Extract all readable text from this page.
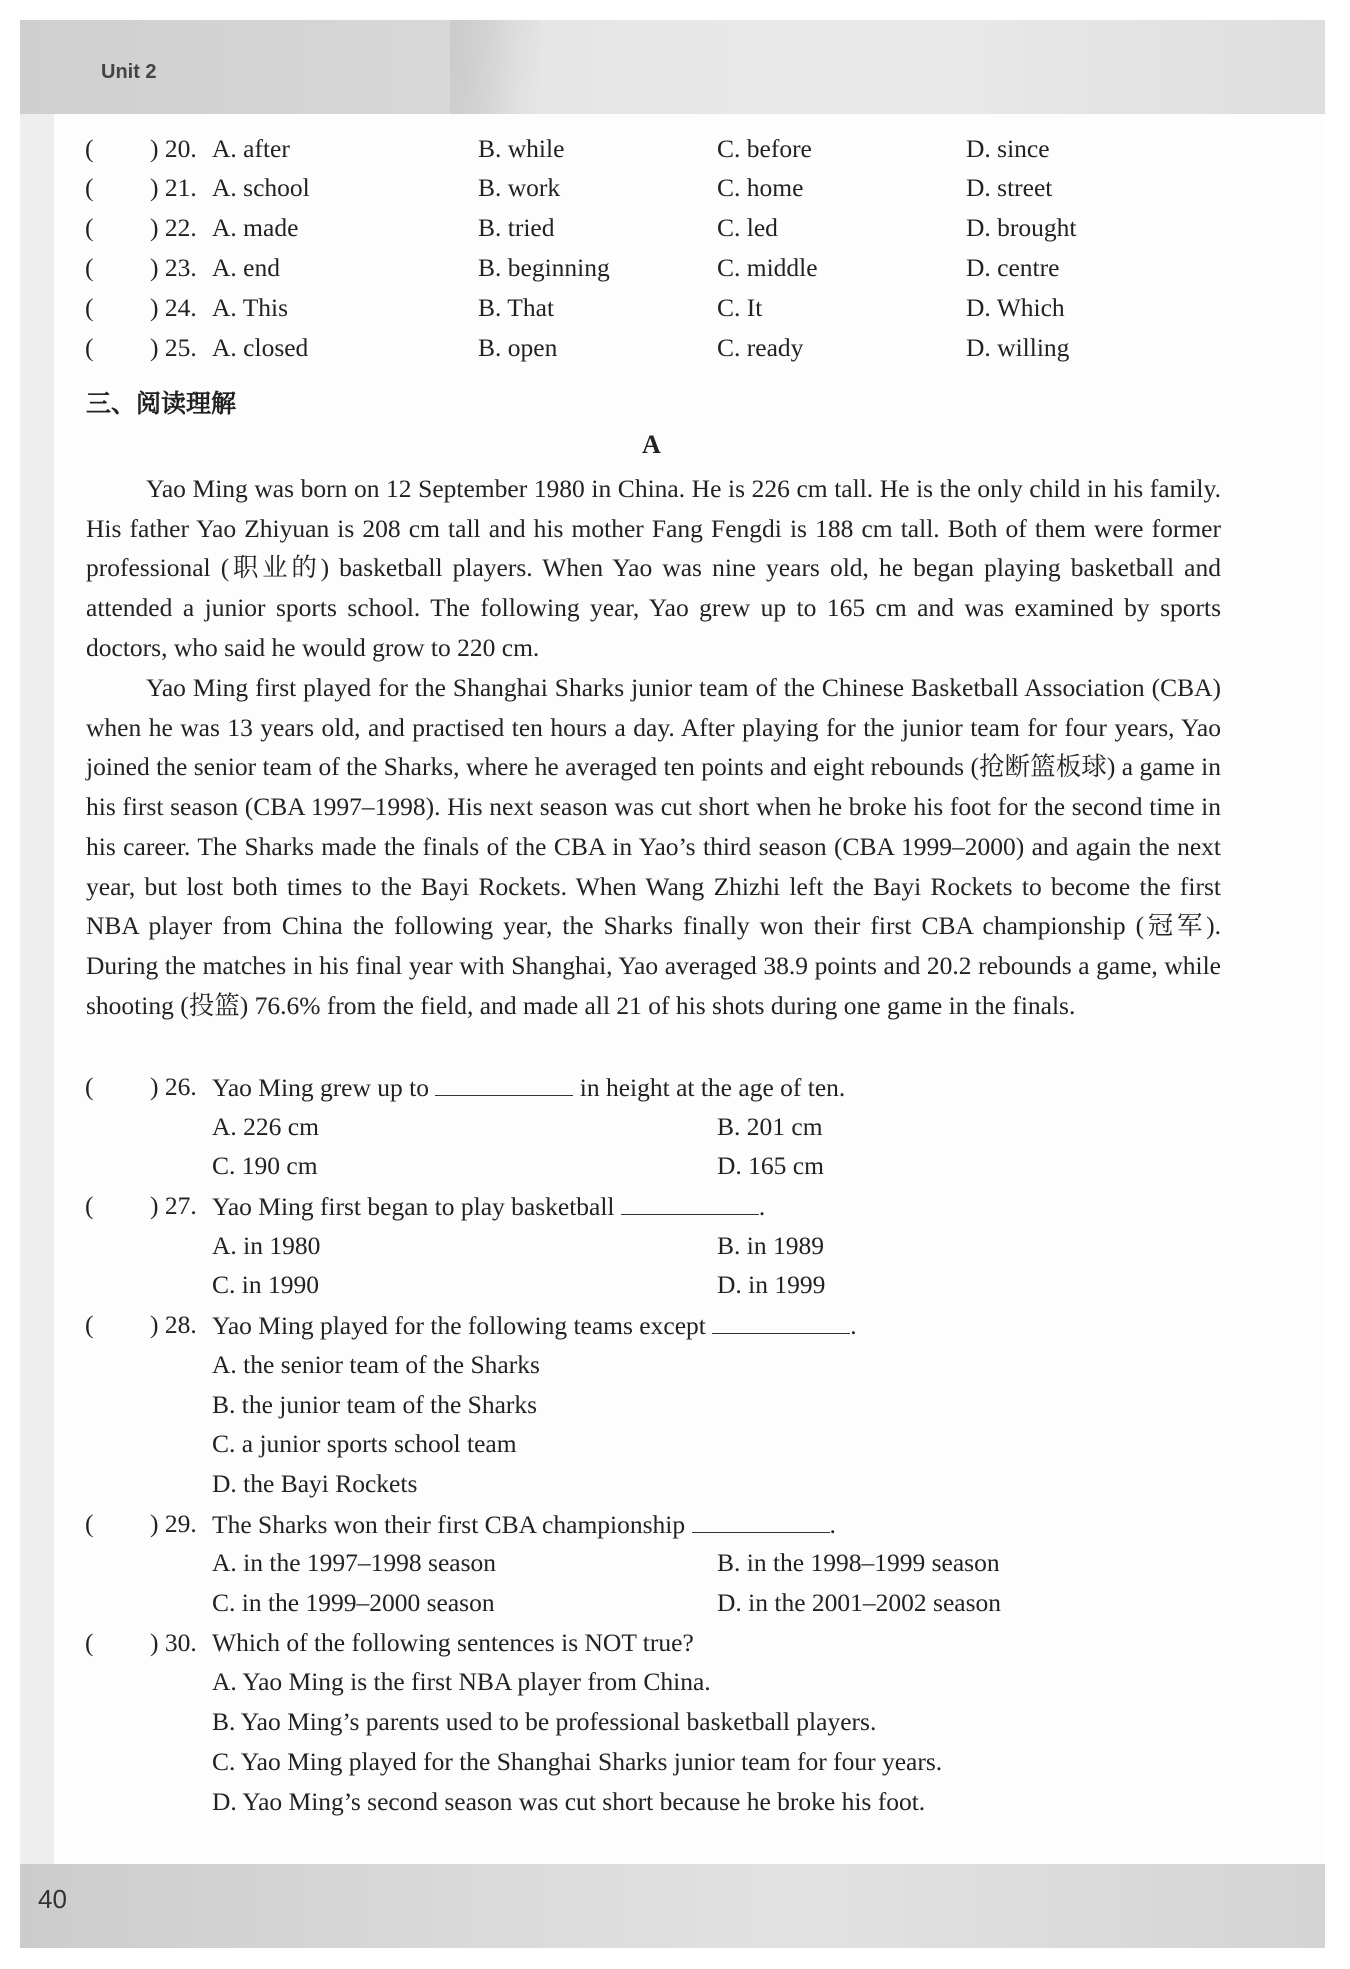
Unit 2
40
( ) 20. A. after	B. while	C. before	D. since
( ) 21. A. school	B. work	C. home	D. street
( ) 22. A. made	B. tried	C. led	D. brought
( ) 23. A. end	B. beginning	C. middle	D. centre
( ) 24. A. This	B. That	C. It	D. Which
( ) 25. A. closed	B. open	C. ready	D. willing
三、阅读理解
A
Yao Ming was born on 12 September 1980 in China. He is 226 cm tall. He is the only child in his family. His father Yao Zhiyuan is 208 cm tall and his mother Fang Fengdi is 188 cm tall. Both of them were former professional (职业的) basketball players. When Yao was nine years old, he began playing basketball and attended a junior sports school. The following year, Yao grew up to 165 cm and was examined by sports doctors, who said he would grow to 220 cm.
Yao Ming first played for the Shanghai Sharks junior team of the Chinese Basketball Association (CBA) when he was 13 years old, and practised ten hours a day. After playing for the junior team for four years, Yao joined the senior team of the Sharks, where he averaged ten points and eight rebounds (抢断篮板球) a game in his first season (CBA 1997–1998). His next season was cut short when he broke his foot for the second time in his career. The Sharks made the finals of the CBA in Yao’s third season (CBA 1999–2000) and again the next year, but lost both times to the Bayi Rockets. When Wang Zhizhi left the Bayi Rockets to become the first NBA player from China the following year, the Sharks finally won their first CBA championship (冠军). During the matches in his final year with Shanghai, Yao averaged 38.9 points and 20.2 rebounds a game, while shooting (投篮) 76.6% from the field, and made all 21 of his shots during one game in the finals.
( ) 26. Yao Ming grew up to	in height at the age of ten.
A. 226 cm	B. 201 cm
C. 190 cm	D. 165 cm
( ) 27. Yao Ming first began to play basketball	.
A. in 1980	B. in 1989
C. in 1990	D. in 1999
( ) 28. Yao Ming played for the following teams except	.
A. the senior team of the Sharks
B. the junior team of the Sharks
C. a junior sports school team
D. the Bayi Rockets
( ) 29. The Sharks won their first CBA championship	.
A. in the 1997–1998 season	B. in the 1998–1999 season
C. in the 1999–2000 season	D. in the 2001–2002 season
( ) 30. Which of the following sentences is NOT true?
A. Yao Ming is the first NBA player from China.
B. Yao Ming’s parents used to be professional basketball players.
C. Yao Ming played for the Shanghai Sharks junior team for four years.
D. Yao Ming’s second season was cut short because he broke his foot.
